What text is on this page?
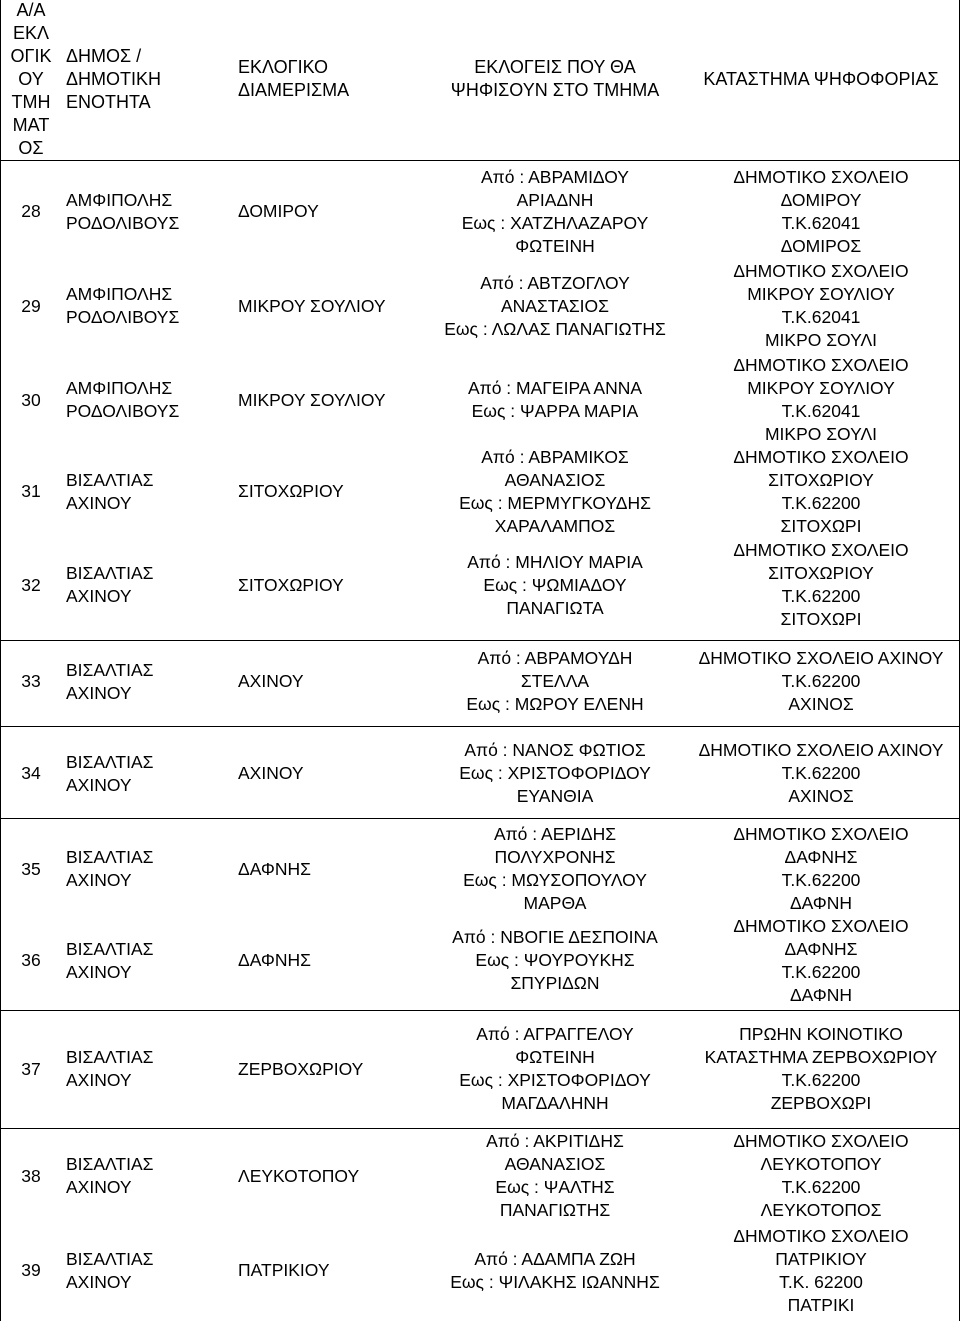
Α/Α
ΕΚΛ
ΟΓΙΚ
ΟΥ
ΤΜΗ
ΜΑΤ
ΟΣ
ΔΗΜΟΣ /
ΔΗΜΟΤΙΚΗ
ΕΝΟΤΗΤΑ
ΕΚΛΟΓΙΚΟ
ΔΙΑΜΕΡΙΣΜΑ
ΕΚΛΟΓΕΙΣ ΠΟΥ ΘΑ
ΨΗΦΙΣΟΥΝ ΣΤΟ ΤΜΗΜΑ
ΚΑΤΑΣΤΗΜΑ ΨΗΦΟΦΟΡΙΑΣ
28
ΑΜΦΙΠΟΛΗΣ
ΡΟΔΟΛΙΒΟΥΣ
ΔΟΜΙΡΟΥ
Από : ΑΒΡΑΜΙΔΟΥ
ΑΡΙΑΔΝΗ
Εως : ΧΑΤΖΗΛΑΖΑΡΟΥ
ΦΩΤΕΙΝΗ
ΔΗΜΟΤΙΚΟ ΣΧΟΛΕΙΟ
ΔΟΜΙΡΟΥ
Τ.Κ.62041
ΔΟΜΙΡΟΣ
29
ΑΜΦΙΠΟΛΗΣ
ΡΟΔΟΛΙΒΟΥΣ
ΜΙΚΡΟΥ ΣΟΥΛΙΟΥ
Από : ΑΒΤΖΟΓΛΟΥ
ΑΝΑΣΤΑΣΙΟΣ
Εως : ΛΩΛΑΣ ΠΑΝΑΓΙΩΤΗΣ
ΔΗΜΟΤΙΚΟ ΣΧΟΛΕΙΟ
ΜΙΚΡΟΥ ΣΟΥΛΙΟΥ
Τ.Κ.62041
ΜΙΚΡΟ ΣΟΥΛΙ
30
ΑΜΦΙΠΟΛΗΣ
ΡΟΔΟΛΙΒΟΥΣ
ΜΙΚΡΟΥ ΣΟΥΛΙΟΥ
Από : ΜΑΓΕΙΡΑ ΑΝΝΑ
Εως : ΨΑΡΡΑ ΜΑΡΙΑ
ΔΗΜΟΤΙΚΟ ΣΧΟΛΕΙΟ
ΜΙΚΡΟΥ ΣΟΥΛΙΟΥ
Τ.Κ.62041
ΜΙΚΡΟ ΣΟΥΛΙ
31
ΒΙΣΑΛΤΙΑΣ
ΑΧΙΝΟΥ
ΣΙΤΟΧΩΡΙΟΥ
Από : ΑΒΡΑΜΙΚΟΣ
ΑΘΑΝΑΣΙΟΣ
Εως : ΜΕΡΜΥΓΚΟΥΔΗΣ
ΧΑΡΑΛΑΜΠΟΣ
ΔΗΜΟΤΙΚΟ ΣΧΟΛΕΙΟ
ΣΙΤΟΧΩΡΙΟΥ
Τ.Κ.62200
ΣΙΤΟΧΩΡΙ
32
ΒΙΣΑΛΤΙΑΣ
ΑΧΙΝΟΥ
ΣΙΤΟΧΩΡΙΟΥ
Από : ΜΗΛΙΟΥ ΜΑΡΙΑ
Εως : ΨΩΜΙΑΔΟΥ
ΠΑΝΑΓΙΩΤΑ
ΔΗΜΟΤΙΚΟ ΣΧΟΛΕΙΟ
ΣΙΤΟΧΩΡΙΟΥ
Τ.Κ.62200
ΣΙΤΟΧΩΡΙ
33
ΒΙΣΑΛΤΙΑΣ
ΑΧΙΝΟΥ
ΑΧΙΝΟΥ
Από : ΑΒΡΑΜΟΥΔΗ
ΣΤΕΛΛΑ
Εως : ΜΩΡΟΥ ΕΛΕΝΗ
ΔΗΜΟΤΙΚΟ ΣΧΟΛΕΙΟ ΑΧΙΝΟΥ
Τ.Κ.62200
ΑΧΙΝΟΣ
34
ΒΙΣΑΛΤΙΑΣ
ΑΧΙΝΟΥ
ΑΧΙΝΟΥ
Από : ΝΑΝΟΣ ΦΩΤΙΟΣ
Εως : ΧΡΙΣΤΟΦΟΡΙΔΟΥ
ΕΥΑΝΘΙΑ
ΔΗΜΟΤΙΚΟ ΣΧΟΛΕΙΟ ΑΧΙΝΟΥ
Τ.Κ.62200
ΑΧΙΝΟΣ
35
ΒΙΣΑΛΤΙΑΣ
ΑΧΙΝΟΥ
ΔΑΦΝΗΣ
Από : ΑΕΡΙΔΗΣ
ΠΟΛΥΧΡΟΝΗΣ
Εως : ΜΩΥΣΟΠΟΥΛΟΥ
ΜΑΡΘΑ
ΔΗΜΟΤΙΚΟ ΣΧΟΛΕΙΟ
ΔΑΦΝΗΣ
Τ.Κ.62200
ΔΑΦΝΗ
36
ΒΙΣΑΛΤΙΑΣ
ΑΧΙΝΟΥ
ΔΑΦΝΗΣ
Από : ΝΒΟΓΙΕ ΔΕΣΠΟΙΝΑ
Εως : ΨΟΥΡΟΥΚΗΣ
ΣΠΥΡΙΔΩΝ
ΔΗΜΟΤΙΚΟ ΣΧΟΛΕΙΟ
ΔΑΦΝΗΣ
Τ.Κ.62200
ΔΑΦΝΗ
37
ΒΙΣΑΛΤΙΑΣ
ΑΧΙΝΟΥ
ΖΕΡΒΟΧΩΡΙΟΥ
Από : ΑΓΡΑΓΓΕΛΟΥ
ΦΩΤΕΙΝΗ
Εως : ΧΡΙΣΤΟΦΟΡΙΔΟΥ
ΜΑΓΔΑΛΗΝΗ
ΠΡΩΗΝ ΚΟΙΝΟΤΙΚΟ
ΚΑΤΑΣΤΗΜΑ ΖΕΡΒΟΧΩΡΙΟΥ
Τ.Κ.62200
ΖΕΡΒΟΧΩΡΙ
38
ΒΙΣΑΛΤΙΑΣ
ΑΧΙΝΟΥ
ΛΕΥΚΟΤΟΠΟΥ
Από : ΑΚΡΙΤΙΔΗΣ
ΑΘΑΝΑΣΙΟΣ
Εως : ΨΑΛΤΗΣ
ΠΑΝΑΓΙΩΤΗΣ
ΔΗΜΟΤΙΚΟ ΣΧΟΛΕΙΟ
ΛΕΥΚΟΤΟΠΟΥ
Τ.Κ.62200
ΛΕΥΚΟΤΟΠΟΣ
39
ΒΙΣΑΛΤΙΑΣ
ΑΧΙΝΟΥ
ΠΑΤΡΙΚΙΟΥ
Από : ΑΔΑΜΠΑ ΖΩΗ
Εως : ΨΙΛΑΚΗΣ ΙΩΑΝΝΗΣ
ΔΗΜΟΤΙΚΟ ΣΧΟΛΕΙΟ
ΠΑΤΡΙΚΙΟΥ
Τ.Κ. 62200
ΠΑΤΡΙΚΙ
